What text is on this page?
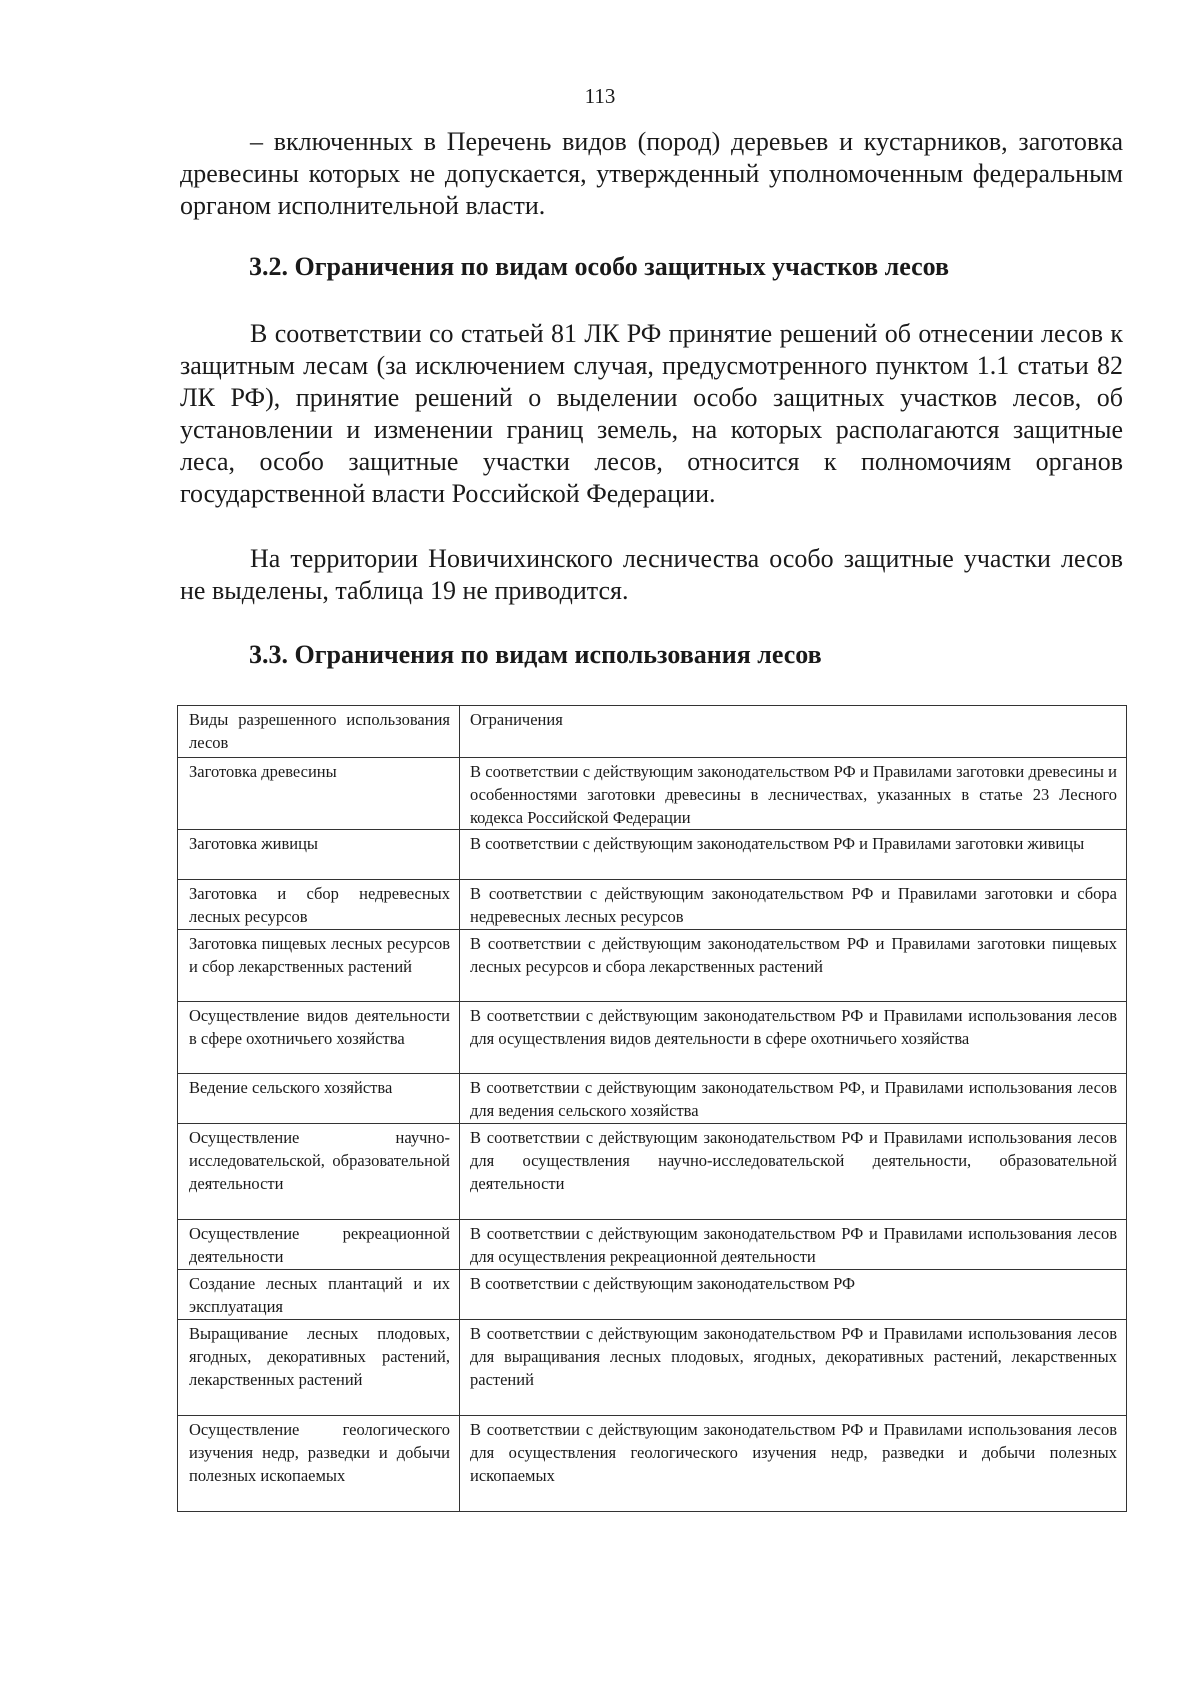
113

– включенных в Перечень видов (пород) деревьев и кустарников, заготовка древесины которых не допускается, утвержденный уполномоченным федеральным органом исполнительной власти.

3.2. Ограничения по видам особо защитных участков лесов

В соответствии со статьей 81 ЛК РФ принятие решений об отнесении лесов к защитным лесам (за исключением случая, предусмотренного пунктом 1.1 статьи 82 ЛК РФ), принятие решений о выделении особо защитных участков лесов, об установлении и изменении границ земель, на которых располагаются защитные леса, особо защитные участки лесов, относится к полномочиям органов государственной власти Российской Федерации.

На территории Новичихинского лесничества особо защитные участки лесов не выделены, таблица 19 не приводится.

3.3. Ограничения по видам использования лесов
Виды разрешенного использования лесов	Ограничения
Заготовка древесины	В соответствии с действующим законодательством РФ и Правилами заготовки древесины и особенностями заготовки древесины в лесничествах, указанных в статье 23 Лесного кодекса Российской Федерации
Заготовка живицы	В соответствии с действующим законодательством РФ и Правилами заготовки живицы
Заготовка и сбор недревесных лесных ресурсов	В соответствии с действующим законодательством РФ и Правилами заготовки и сбора недревесных лесных ресурсов
Заготовка пищевых лесных ресурсов и сбор лекарственных растений	В соответствии с действующим законодательством РФ и Правилами заготовки пищевых лесных ресурсов и сбора лекарственных растений
Осуществление видов деятельности в сфере охотничьего хозяйства	В соответствии с действующим законодательством РФ и Правилами использования лесов для осуществления видов деятельности в сфере охотничьего хозяйства
Ведение сельского хозяйства	В соответствии с действующим законодательством РФ, и Правилами использования лесов для ведения сельского хозяйства
Осуществление научно-исследовательской, образовательной деятельности	В соответствии с действующим законодательством РФ и Правилами использования лесов для осуществления научно-исследовательской деятельности, образовательной деятельности
Осуществление рекреационной деятельности	В соответствии с действующим законодательством РФ и Правилами использования лесов для осуществления рекреационной деятельности
Создание лесных плантаций и их эксплуатация	В соответствии с действующим законодательством РФ
Выращивание лесных плодовых, ягодных, декоративных растений, лекарственных растений	В соответствии с действующим законодательством РФ и Правилами использования лесов для выращивания лесных плодовых, ягодных, декоративных растений, лекарственных растений
Осуществление геологического изучения недр, разведки и добычи полезных ископаемых	В соответствии с действующим законодательством РФ и Правилами использования лесов для осуществления геологического изучения недр, разведки и добычи полезных ископаемых
